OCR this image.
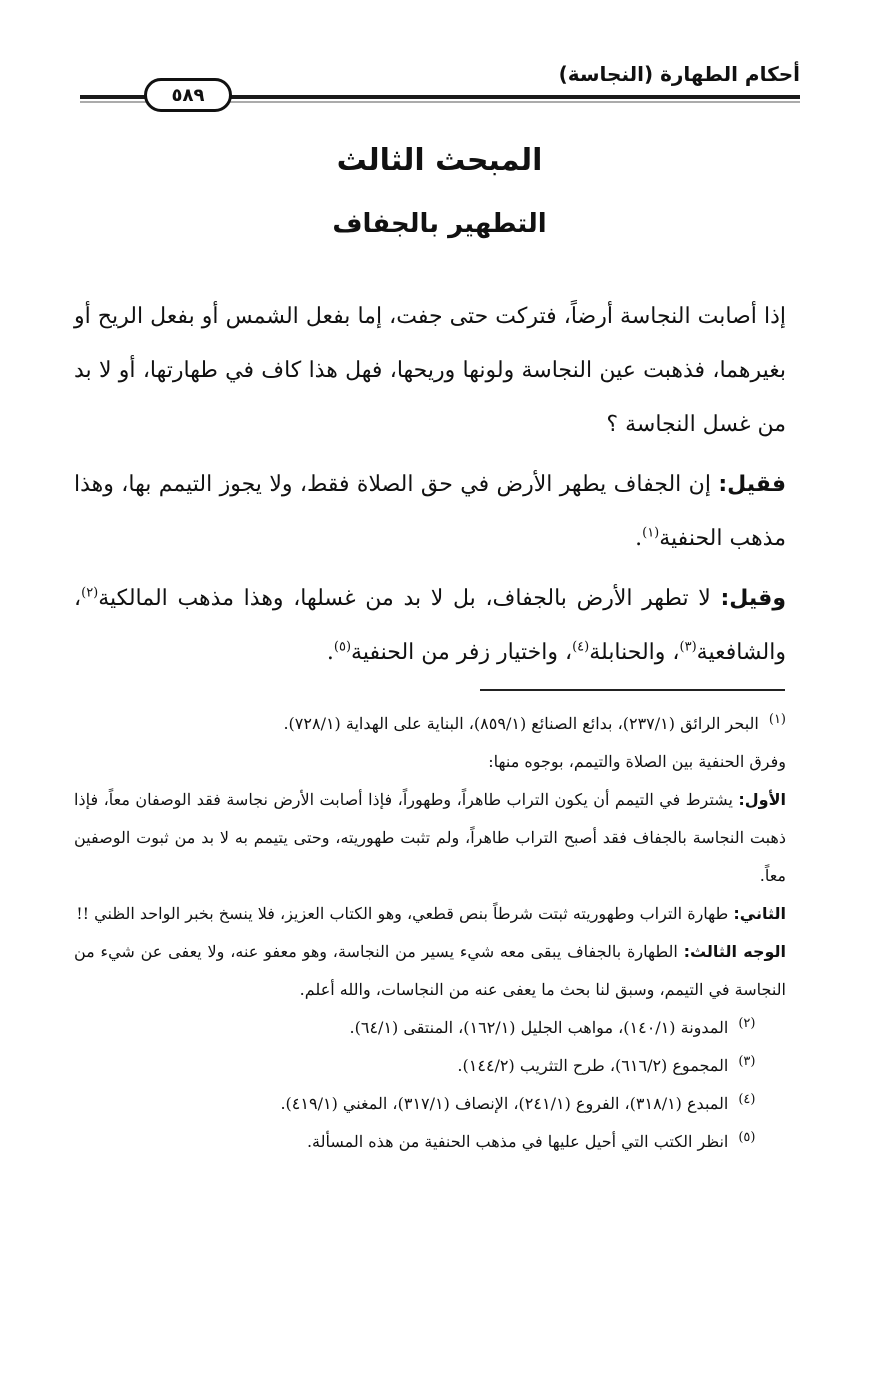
أحكام الطهارة (النجاسة)
٥٨٩
المبحث الثالث
التطهير بالجفاف

إذا أصابت النجاسة أرضاً، فتركت حتى جفت، إما بفعل الشمس أو بفعل الريح أو بغيرهما، فذهبت عين النجاسة ولونها وريحها، فهل هذا كاف في طهارتها، أو لا بد من غسل النجاسة ؟

فقيل: إن الجفاف يطهر الأرض في حق الصلاة فقط، ولا يجوز التيمم بها، وهذا مذهب الحنفية$^{(١)}$.

وقيل: لا تطهر الأرض بالجفاف، بل لا بد من غسلها، وهذا مذهب المالكية$^{(٢)}$، والشافعية$^{(٣)}$، والحنابلة$^{(٤)}$، واختيار زفر من الحنفية$^{(٥)}$.

$^{(١)}$البحر الرائق (٢٣٧/١)، بدائع الصنائع (٨٥٩/١)، البناية على الهداية (٧٢٨/١).

وفرق الحنفية بين الصلاة والتيمم، بوجوه منها:

الأول: يشترط في التيمم أن يكون التراب طاهراً، وطهوراً، فإذا أصابت الأرض نجاسة فقد الوصفان معاً، فإذا ذهبت النجاسة بالجفاف فقد أصبح التراب طاهراً، ولم تثبت طهوريته، وحتى يتيمم به لا بد من ثبوت الوصفين معاً.

الثاني: طهارة التراب وطهوريته ثبتت شرطاً بنص قطعي، وهو الكتاب العزيز، فلا ينسخ بخبر الواحد الظني !!

الوجه الثالث: الطهارة بالجفاف يبقى معه شيء يسير من النجاسة، وهو معفو عنه، ولا يعفى عن شيء من النجاسة في التيمم، وسبق لنا بحث ما يعفى عنه من النجاسات، والله أعلم.

$^{(٢)}$المدونة (١٤٠/١)، مواهب الجليل (١٦٢/١)، المنتقى (٦٤/١).

$^{(٣)}$المجموع (٦١٦/٢)، طرح التثريب (١٤٤/٢).

$^{(٤)}$المبدع (٣١٨/١)، الفروع (٢٤١/١)، الإنصاف (٣١٧/١)، المغني (٤١٩/١).

$^{(٥)}$انظر الكتب التي أحيل عليها في مذهب الحنفية من هذه المسألة.
